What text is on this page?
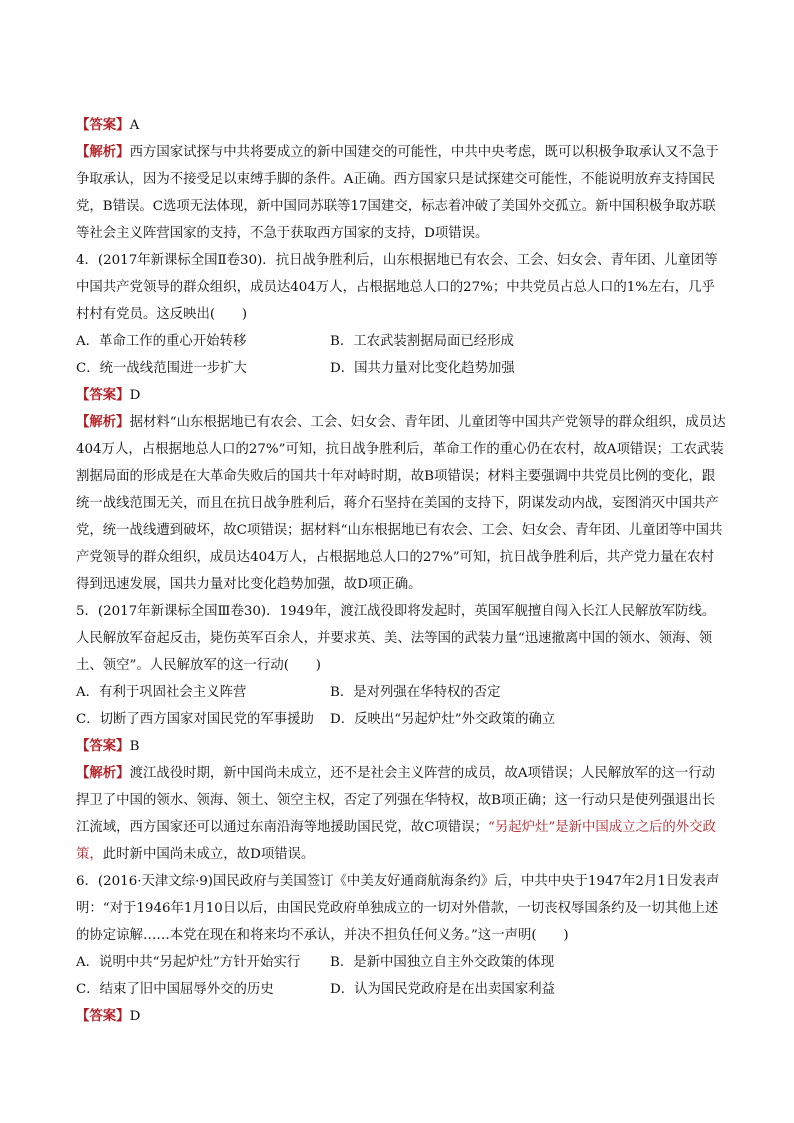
【答案】A

【解析】西方国家试探与中共将要成立的新中国建交的可能性，中共中央考虑，既可以积极争取承认又不急于争取承认，因为不接受足以束缚手脚的条件。A正确。西方国家只是试探建交可能性，不能说明放弃支持国民党，B错误。C选项无法体现，新中国同苏联等17国建交，标志着冲破了美国外交孤立。新中国积极争取苏联等社会主义阵营国家的支持，不急于获取西方国家的支持，D项错误。

4．(2017年新课标全国Ⅱ卷30)．抗日战争胜利后，山东根据地已有农会、工会、妇女会、青年团、儿童团等中国共产党领导的群众组织，成员达404万人，占根据地总人口的27%；中共党员占总人口的1%左右，几乎村村有党员。这反映出(　　)

A．革命工作的重心开始转移	B．工农武装割据局面已经形成
C．统一战线范围进一步扩大	D．国共力量对比变化趋势加强

【答案】D

【解析】据材料“山东根据地已有农会、工会、妇女会、青年团、儿童团等中国共产党领导的群众组织，成员达404万人，占根据地总人口的27%”可知，抗日战争胜利后，革命工作的重心仍在农村，故A项错误；工农武装割据局面的形成是在大革命失败后的国共十年对峙时期，故B项错误；材料主要强调中共党员比例的变化，跟统一战线范围无关，而且在抗日战争胜利后，蒋介石坚持在美国的支持下，阴谋发动内战，妄图消灭中国共产党，统一战线遭到破坏，故C项错误；据材料“山东根据地已有农会、工会、妇女会、青年团、儿童团等中国共产党领导的群众组织，成员达404万人，占根据地总人口的27%”可知，抗日战争胜利后，共产党力量在农村得到迅速发展，国共力量对比变化趋势加强，故D项正确。

5．(2017年新课标全国Ⅲ卷30)．1949年，渡江战役即将发起时，英国军舰擅自闯入长江人民解放军防线。人民解放军奋起反击，毙伤英军百余人，并要求英、美、法等国的武装力量“迅速撤离中国的领水、领海、领土、领空”。人民解放军的这一行动(　　)

A．有利于巩固社会主义阵营	B．是对列强在华特权的否定
C．切断了西方国家对国民党的军事援助	D．反映出“另起炉灶”外交政策的确立

【答案】B

【解析】渡江战役时期，新中国尚未成立，还不是社会主义阵营的成员，故A项错误；人民解放军的这一行动捍卫了中国的领水、领海、领土、领空主权，否定了列强在华特权，故B项正确；这一行动只是使列强退出长江流域，西方国家还可以通过东南沿海等地援助国民党，故C项错误；“另起炉灶”是新中国成立之后的外交政策，此时新中国尚未成立，故D项错误。

6．(2016·天津文综·9)国民政府与美国签订《中美友好通商航海条约》后，中共中央于1947年2月1日发表声明：“对于1946年1月10日以后，由国民党政府单独成立的一切对外借款，一切丧权辱国条约及一切其他上述的协定谅解……本党在现在和将来均不承认，并决不担负任何义务。”这一声明(　　)

A．说明中共“另起炉灶”方针开始实行	B．是新中国独立自主外交政策的体现
C．结束了旧中国屈辱外交的历史	D．认为国民党政府是在出卖国家利益

【答案】D
